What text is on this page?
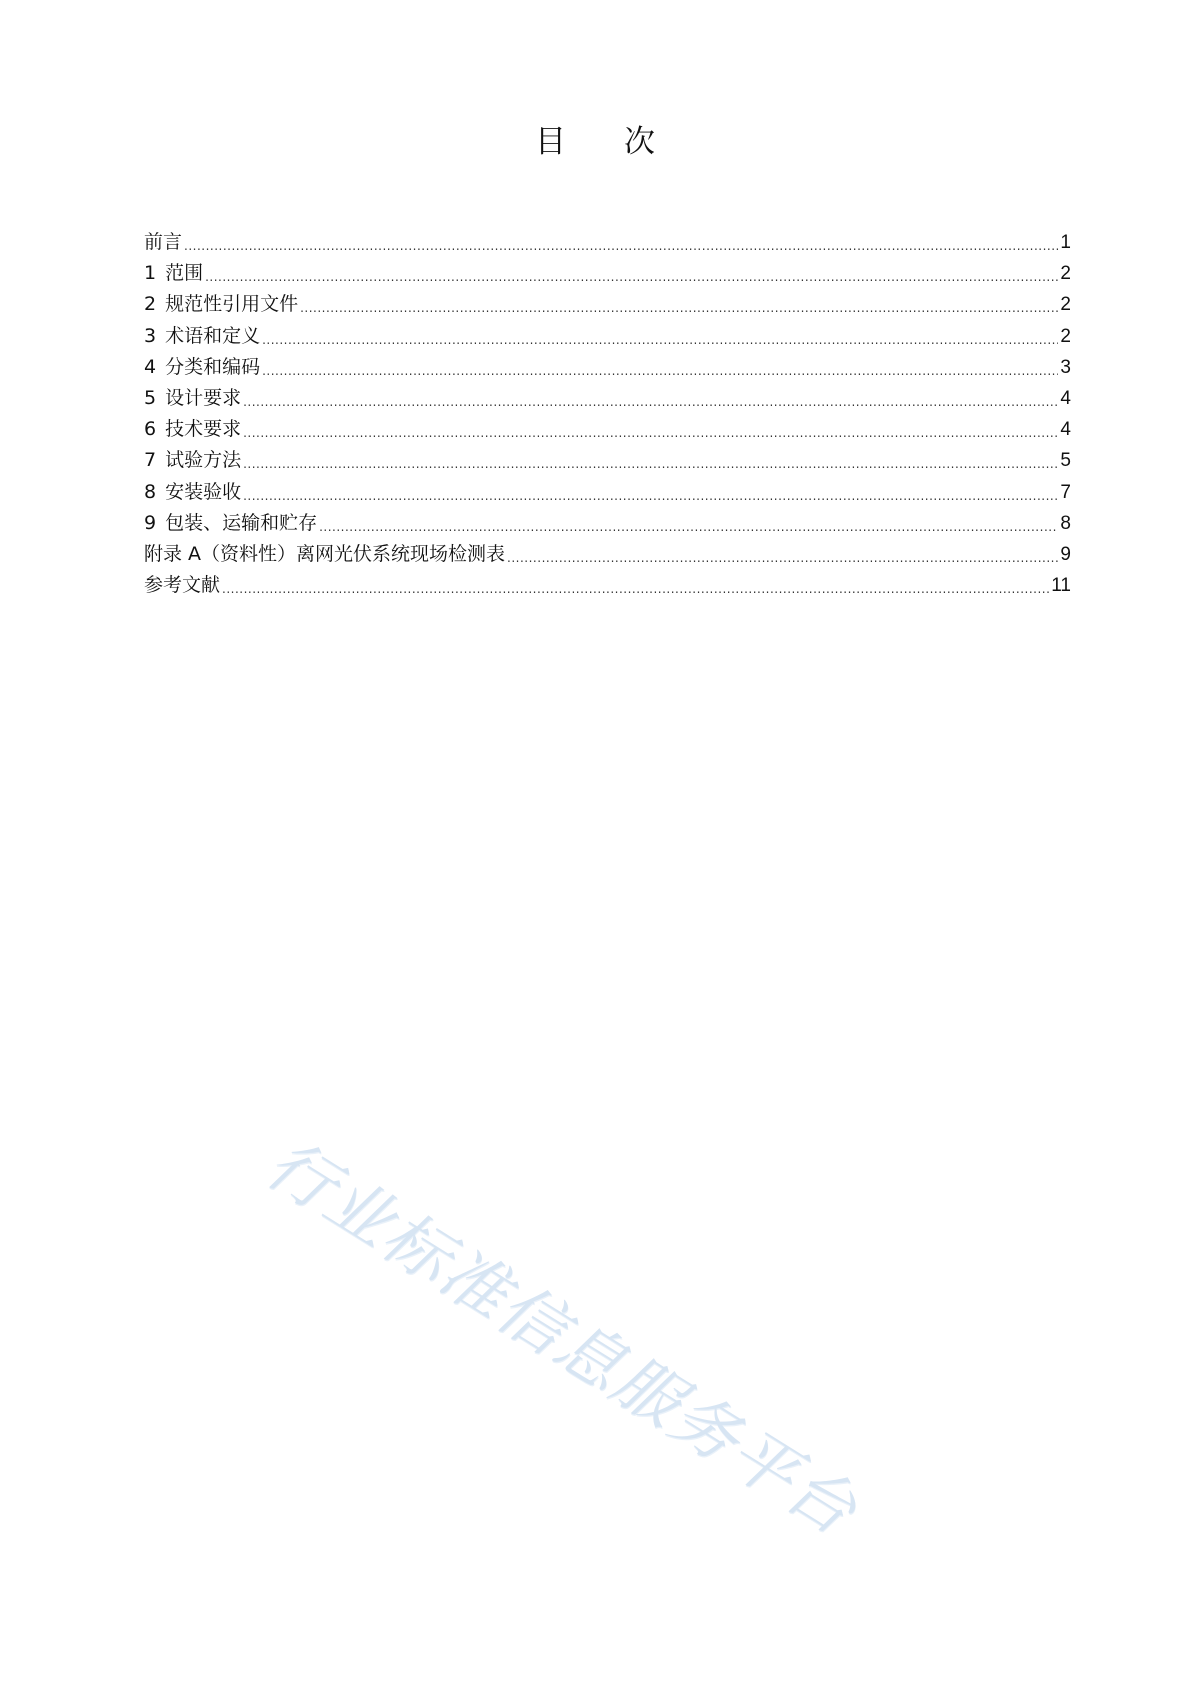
目 次
前言 .....	1
1 范围 .....	2
2 规范性引用文件 .....	2
3 术语和定义 .....	2
4 分类和编码 .....	3
5 设计要求 .....	4
6 技术要求 .....	4
7 试验方法 .....	5
8 安装验收 .....	7
9 包装、运输和贮存 .....	8
附录 A（资料性）离网光伏系统现场检测表 .....	9
参考文献 .....	11
行业标准信息服务平台
